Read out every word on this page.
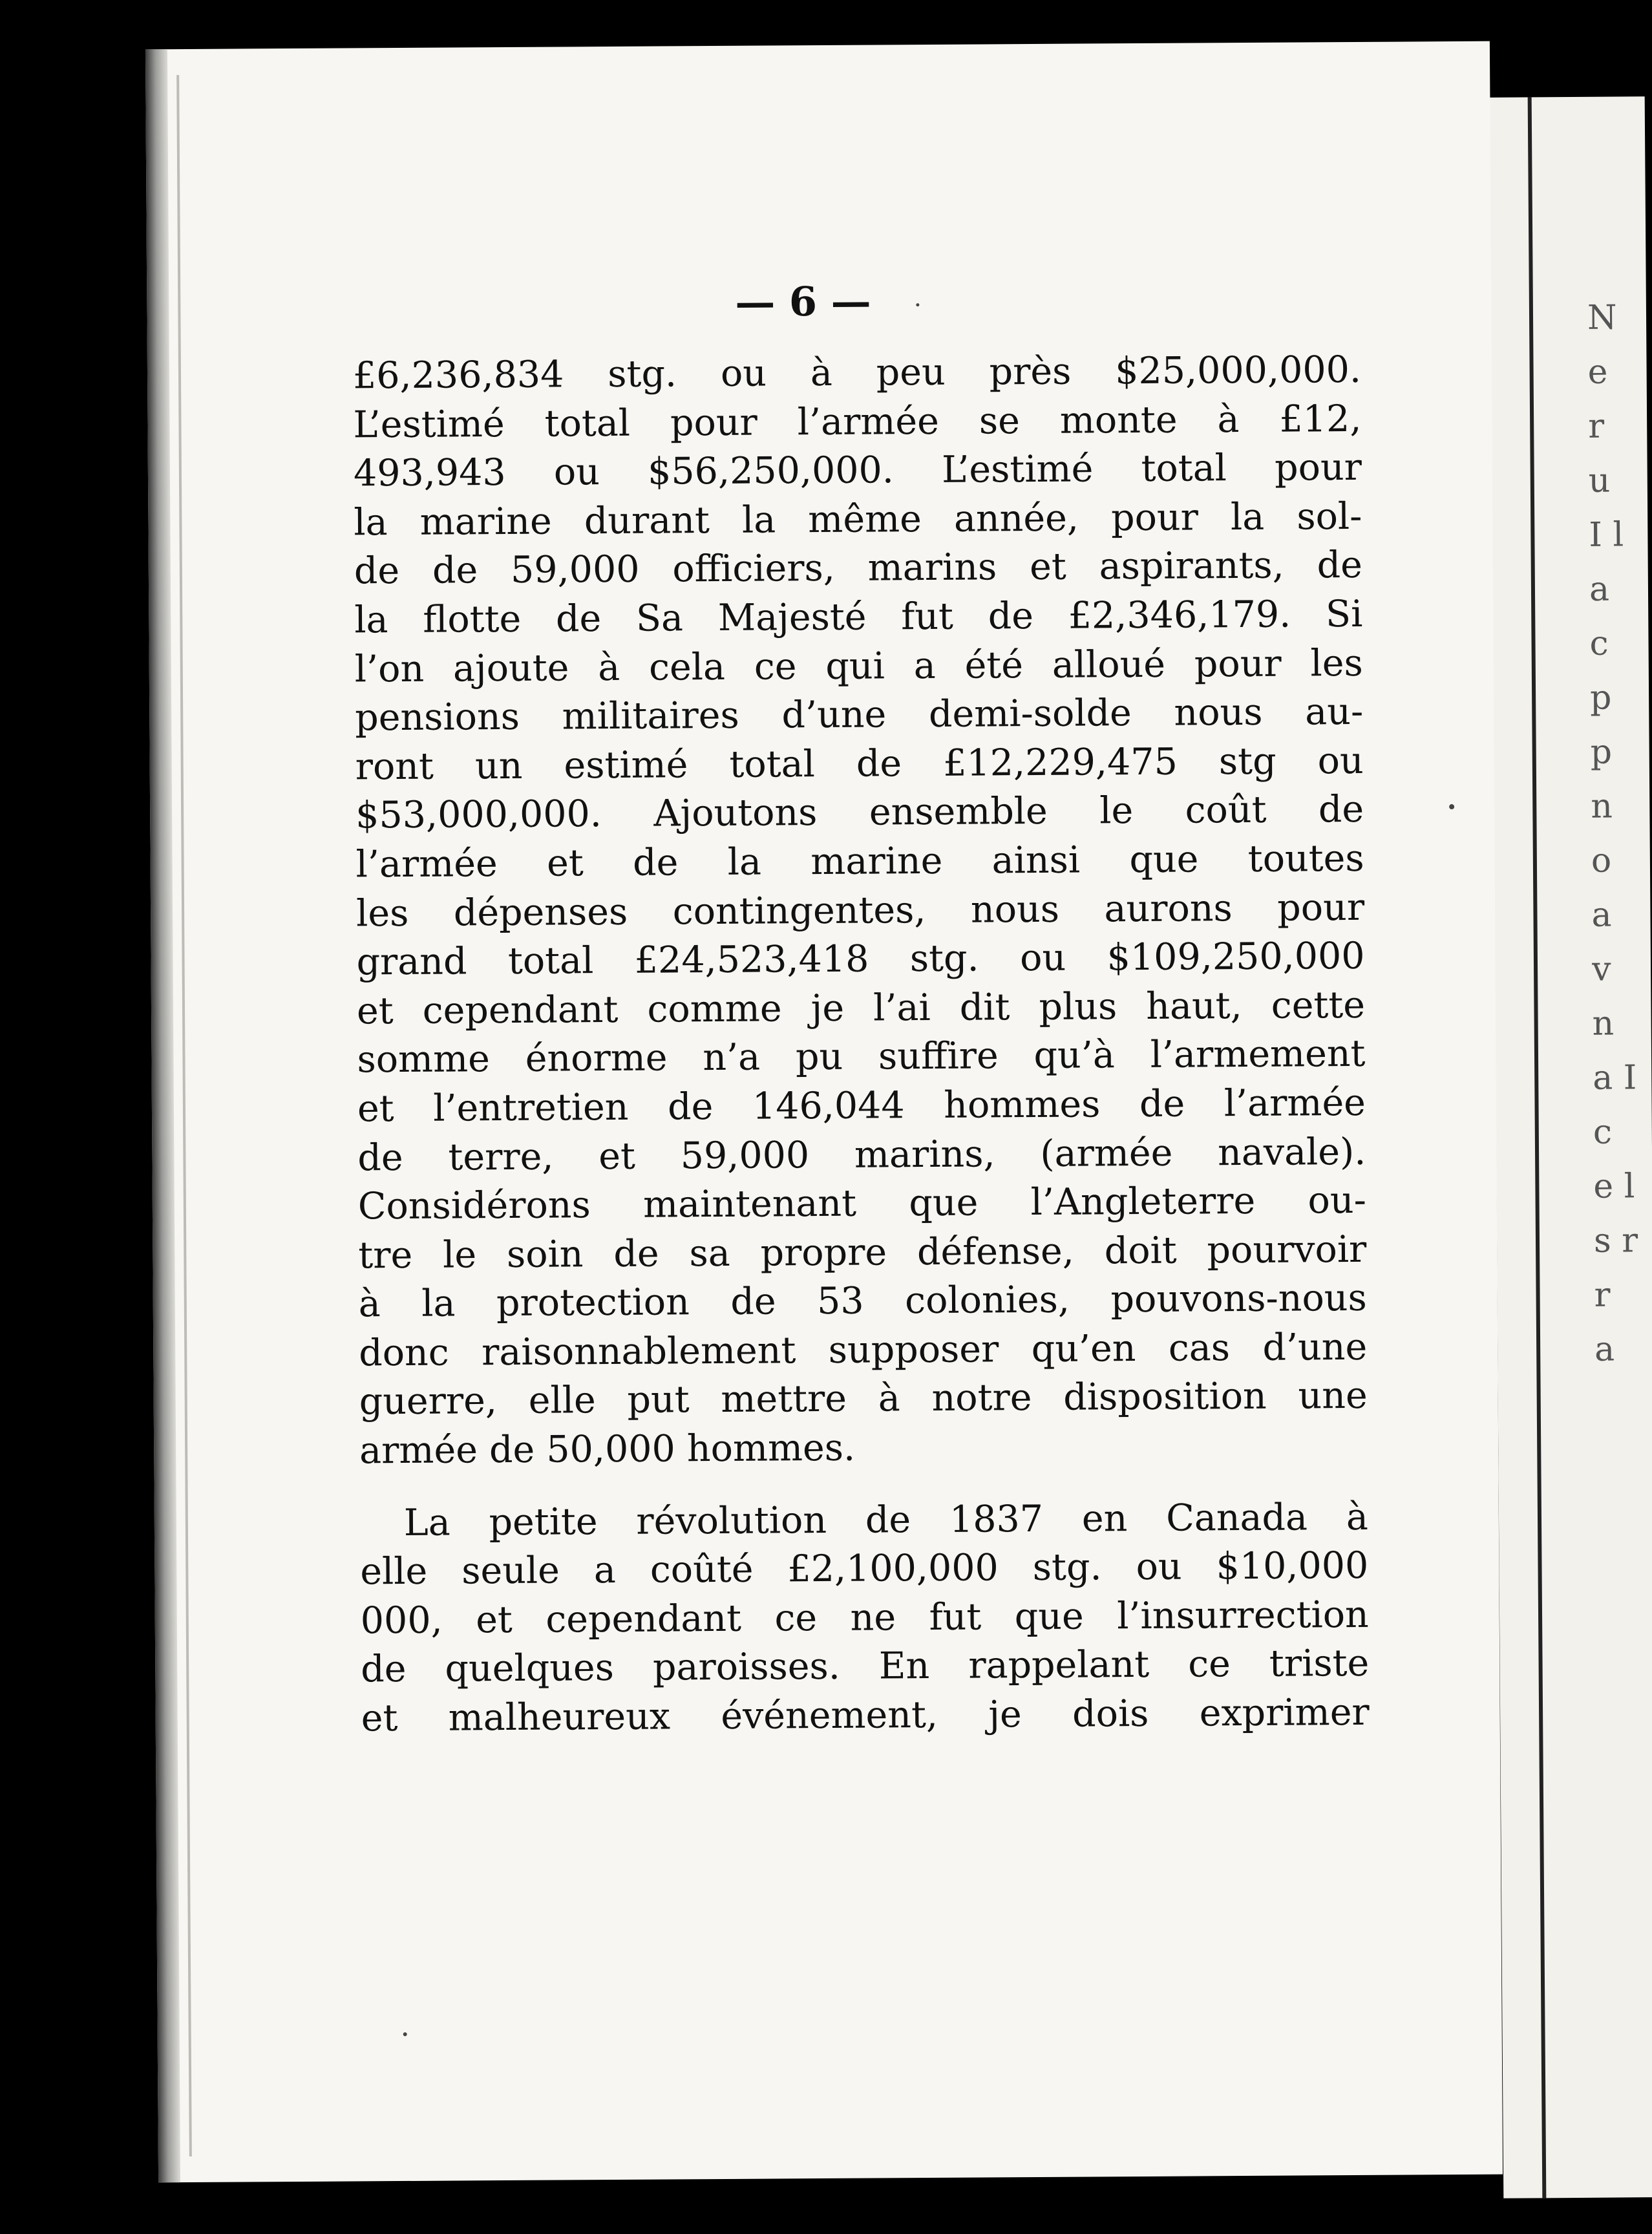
N e r u I l a c p p n o a v n a I c e l s r r a
— 6 —
£6,236,834 stg. ou à peu près $25,000,000.
L’estimé total pour l’armée se monte à £12,
493,943 ou $56,250,000. L’estimé total pour
la marine durant la même année, pour la sol-
de de 59,000 officiers, marins et aspirants, de
la flotte de Sa Majesté fut de £2,346,179. Si
l’on ajoute à cela ce qui a été alloué pour les
pensions militaires d’une demi-solde nous au-
ront un estimé total de £12,229,475 stg ou
$53,000,000. Ajoutons ensemble le coût de
l’armée et de la marine ainsi que toutes
les dépenses contingentes, nous aurons pour
grand total £24,523,418 stg. ou $109,250,000
et cependant comme je l’ai dit plus haut, cette
somme énorme n’a pu suffire qu’à l’armement
et l’entretien de 146,044 hommes de l’armée
de terre, et 59,000 marins, (armée navale).
Considérons maintenant que l’Angleterre ou-
tre le soin de sa propre défense, doit pourvoir
à la protection de 53 colonies, pouvons-nous
donc raisonnablement supposer qu’en cas d’une
guerre, elle put mettre à notre disposition une
armée de 50,000 hommes.
La petite révolution de 1837 en Canada à
elle seule a coûté £2,100,000 stg. ou $10,000
000, et cependant ce ne fut que l’insurrection
de quelques paroisses. En rappelant ce triste
et malheureux événement, je dois exprimer
